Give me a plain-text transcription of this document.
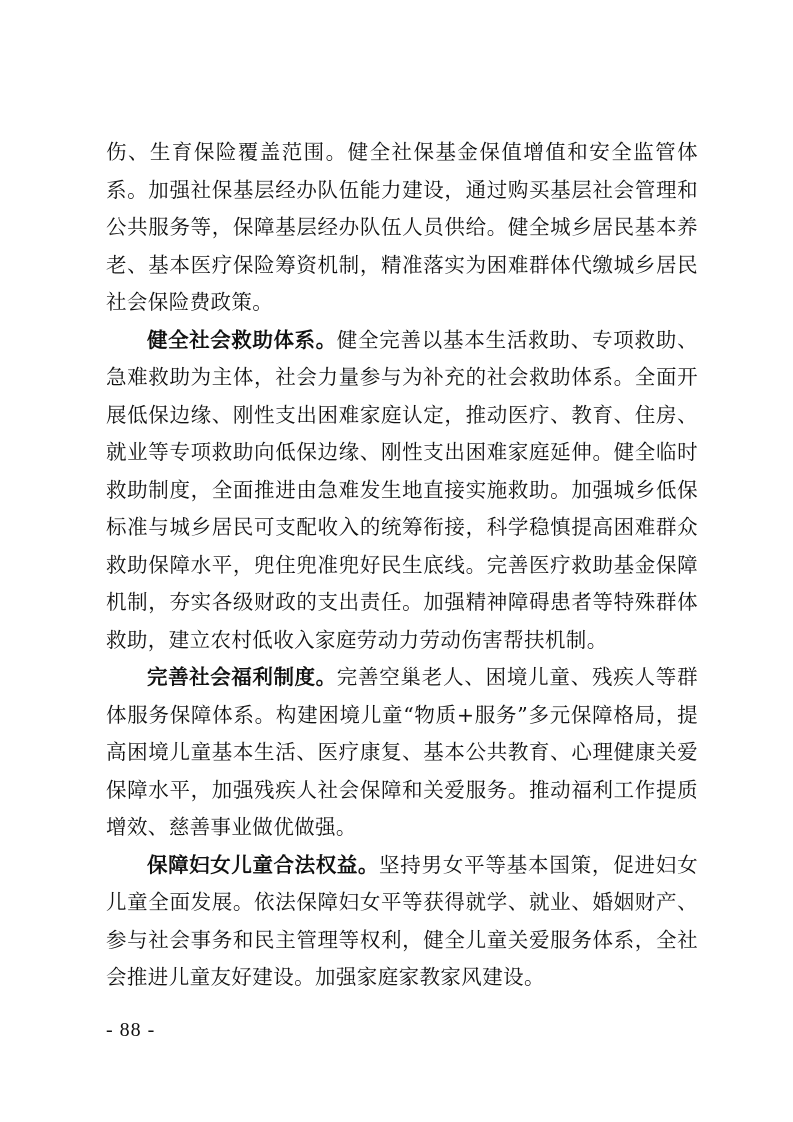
伤、生育保险覆盖范围。健全社保基金保值增值和安全监管体系。加强社保基层经办队伍能力建设，通过购买基层社会管理和公共服务等，保障基层经办队伍人员供给。健全城乡居民基本养老、基本医疗保险筹资机制，精准落实为困难群体代缴城乡居民社会保险费政策。

健全社会救助体系。健全完善以基本生活救助、专项救助、急难救助为主体，社会力量参与为补充的社会救助体系。全面开展低保边缘、刚性支出困难家庭认定，推动医疗、教育、住房、就业等专项救助向低保边缘、刚性支出困难家庭延伸。健全临时救助制度，全面推进由急难发生地直接实施救助。加强城乡低保标准与城乡居民可支配收入的统筹衔接，科学稳慎提高困难群众救助保障水平，兜住兜准兜好民生底线。完善医疗救助基金保障机制，夯实各级财政的支出责任。加强精神障碍患者等特殊群体救助，建立农村低收入家庭劳动力劳动伤害帮扶机制。

完善社会福利制度。完善空巢老人、困境儿童、残疾人等群体服务保障体系。构建困境儿童“物质+服务”多元保障格局，提高困境儿童基本生活、医疗康复、基本公共教育、心理健康关爱保障水平，加强残疾人社会保障和关爱服务。推动福利工作提质增效、慈善事业做优做强。

保障妇女儿童合法权益。坚持男女平等基本国策，促进妇女儿童全面发展。依法保障妇女平等获得就学、就业、婚姻财产、参与社会事务和民主管理等权利，健全儿童关爱服务体系，全社会推进儿童友好建设。加强家庭家教家风建设。

- 88 -
